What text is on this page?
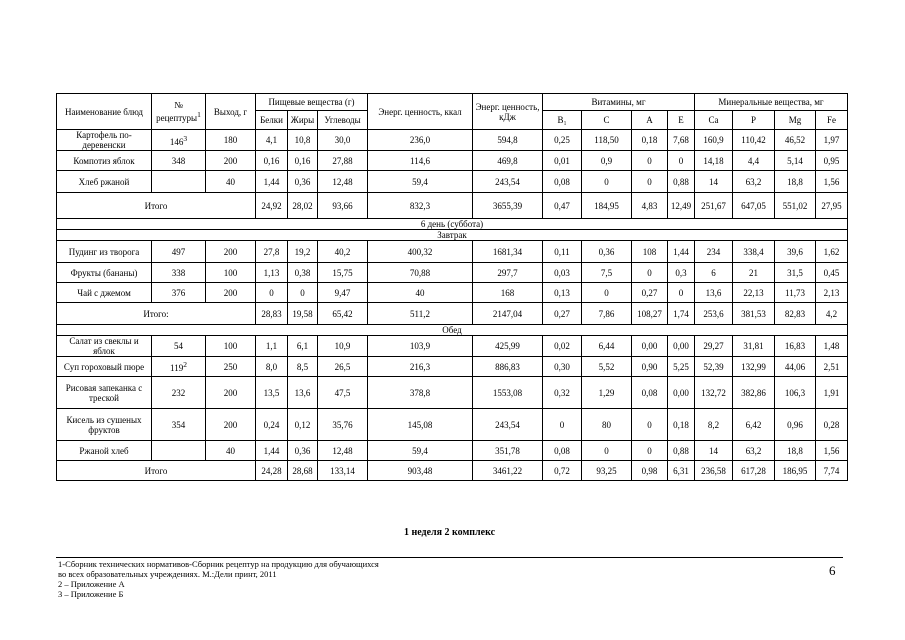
Наименование блюд	№ рецептуры$^1$	Выход, г	Пищевые вещества (г)			Энерг. ценность, ккал	Энерг. ценность, кДж	Витамины, мг				Минеральные вещества, мг			
			Белки	Жиры	Углеводы			B₁	C	A	E	Ca	P	Mg	Fe
Картофель по-деревенски	$146^3$	180	4,1	10,8	30,0	236,0	594,8	0,25	118,50	0,18	7,68	160,9	110,42	46,52	1,97
Компотиз яблок	348	200	0,16	0,16	27,88	114,6	469,8	0,01	0,9	0	0	14,18	4,4	5,14	0,95
Хлеб ржаной		40	1,44	0,36	12,48	59,4	243,54	0,08	0	0	0,88	14	63,2	18,8	1,56
Итого			24,92	28,02	93,66	832,3	3655,39	0,47	184,95	4,83	12,49	251,67	647,05	551,02	27,95
6 день (суббота)															
Завтрак															
Пудинг из творога	497	200	27,8	19,2	40,2	400,32	1681,34	0,11	0,36	108	1,44	234	338,4	39,6	1,62
Фрукты (бананы)	338	100	1,13	0,38	15,75	70,88	297,7	0,03	7,5	0	0,3	6	21	31,5	0,45
Чай с джемом	376	200	0	0	9,47	40	168	0,13	0	0,27	0	13,6	22,13	11,73	2,13
Итого:			28,83	19,58	65,42	511,2	2147,04	0,27	7,86	108,27	1,74	253,6	381,53	82,83	4,2
Обед															
Салат из свеклы и яблок	54	100	1,1	6,1	10,9	103,9	425,99	0,02	6,44	0,00	0,00	29,27	31,81	16,83	1,48
Суп гороховый пюре	$119^2$	250	8,0	8,5	26,5	216,3	886,83	0,30	5,52	0,90	5,25	52,39	132,99	44,06	2,51
Рисовая запеканка с треской	232	200	13,5	13,6	47,5	378,8	1553,08	0,32	1,29	0,08	0,00	132,72	382,86	106,3	1,91
Кисель из сушеных фруктов	354	200	0,24	0,12	35,76	145,08	243,54	0	80	0	0,18	8,2	6,42	0,96	0,28
Ржаной хлеб		40	1,44	0,36	12,48	59,4	351,78	0,08	0	0	0,88	14	63,2	18,8	1,56
Итого			24,28	28,68	133,14	903,48	3461,22	0,72	93,25	0,98	6,31	236,58	617,28	186,95	7,74
1 неделя 2 комплекс
1-Сборник технических нормативов-Сборник рецептур на продукцию для обучающихся
во всех образовательных учреждениях. М.:Дели принт, 2011
2 – Приложение А
3 – Приложение Б
6
